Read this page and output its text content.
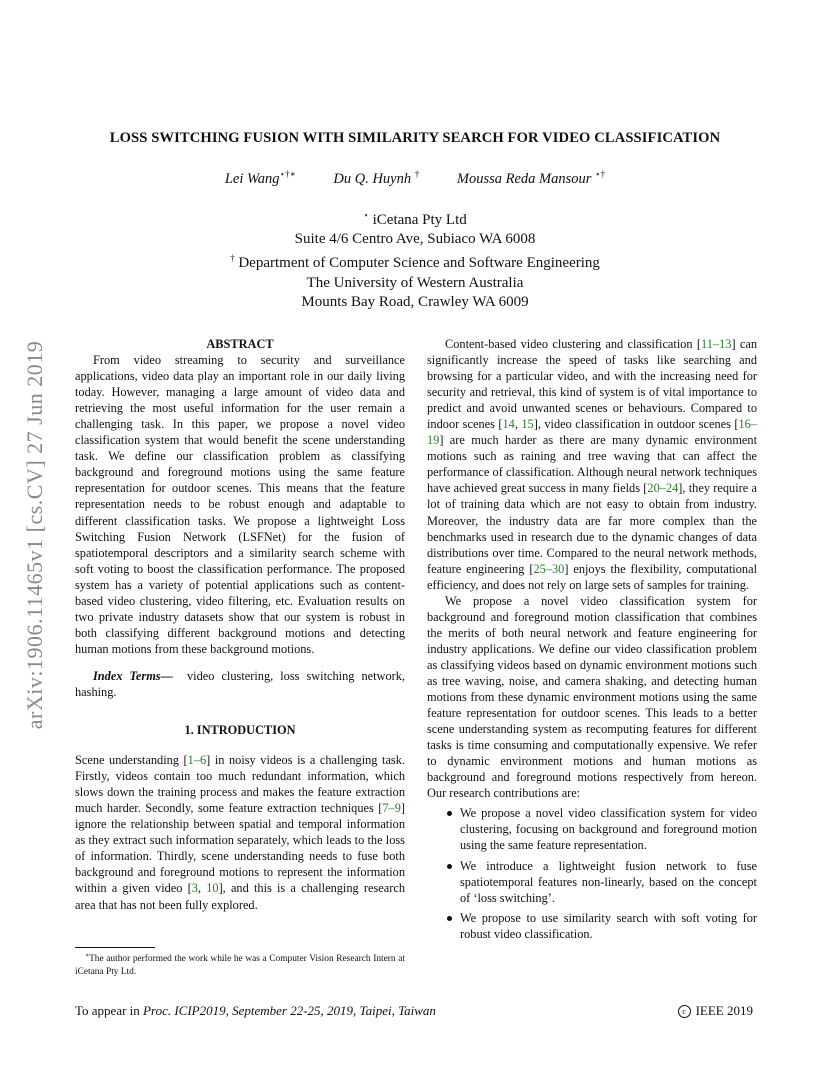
arXiv:1906.11465v1 [cs.CV] 27 Jun 2019
LOSS SWITCHING FUSION WITH SIMILARITY SEARCH FOR VIDEO CLASSIFICATION
Lei Wang⋆†∗	Du Q. Huynh †	Moussa Reda Mansour ⋆†
⋆ iCetana Pty Ltd
Suite 4/6 Centro Ave, Subiaco WA 6008
† Department of Computer Science and Software Engineering
The University of Western Australia
Mounts Bay Road, Crawley WA 6009
ABSTRACT

From video streaming to security and surveillance applications, video data play an important role in our daily living today. However, managing a large amount of video data and retrieving the most useful information for the user remain a challenging task. In this paper, we propose a novel video classification system that would benefit the scene understanding task. We define our classification problem as classifying background and foreground motions using the same feature representation for outdoor scenes. This means that the feature representation needs to be robust enough and adaptable to different classification tasks. We propose a lightweight Loss Switching Fusion Network (LSFNet) for the fusion of spatiotemporal descriptors and a similarity search scheme with soft voting to boost the classification performance. The proposed system has a variety of potential applications such as content-based video clustering, video filtering, etc. Evaluation results on two private industry datasets show that our system is robust in both classifying different background motions and detecting human motions from these background motions.

Index Terms— video clustering, loss switching network, hashing.

1. INTRODUCTION

Scene understanding [1–6] in noisy videos is a challenging task. Firstly, videos contain too much redundant information, which slows down the training process and makes the feature extraction much harder. Secondly, some feature extraction techniques [7–9] ignore the relationship between spatial and temporal information as they extract such information separately, which leads to the loss of information. Thirdly, scene understanding needs to fuse both background and foreground motions to represent the information within a given video [3, 10], and this is a challenging research area that has not been fully explored.

∗The author performed the work while he was a Computer Vision Research Intern at iCetana Pty Ltd.

Content-based video clustering and classification [11–13] can significantly increase the speed of tasks like searching and browsing for a particular video, and with the increasing need for security and retrieval, this kind of system is of vital importance to predict and avoid unwanted scenes or behaviours. Compared to indoor scenes [14, 15], video classification in outdoor scenes [16–19] are much harder as there are many dynamic environment motions such as raining and tree waving that can affect the performance of classification. Although neural network techniques have achieved great success in many fields [20–24], they require a lot of training data which are not easy to obtain from industry. Moreover, the industry data are far more complex than the benchmarks used in research due to the dynamic changes of data distributions over time. Compared to the neural network methods, feature engineering [25–30] enjoys the flexibility, computational efficiency, and does not rely on large sets of samples for training.

We propose a novel video classification system for background and foreground motion classification that combines the merits of both neural network and feature engineering for industry applications. We define our video classification problem as classifying videos based on dynamic environment motions such as tree waving, noise, and camera shaking, and detecting human motions from these dynamic environment motions using the same feature representation for outdoor scenes. This leads to a better scene understanding system as recomputing features for different tasks is time consuming and computationally expensive. We refer to dynamic environment motions and human motions as background and foreground motions respectively from hereon. Our research contributions are:

We propose a novel video classification system for video clustering, focusing on background and foreground motion using the same feature representation.
We introduce a lightweight fusion network to fuse spatiotemporal features non-linearly, based on the concept of ‘loss switching’.
We propose to use similarity search with soft voting for robust video classification.
To appear in Proc. ICIP2019, September 22-25, 2019, Taipei, Taiwan	c IEEE 2019
